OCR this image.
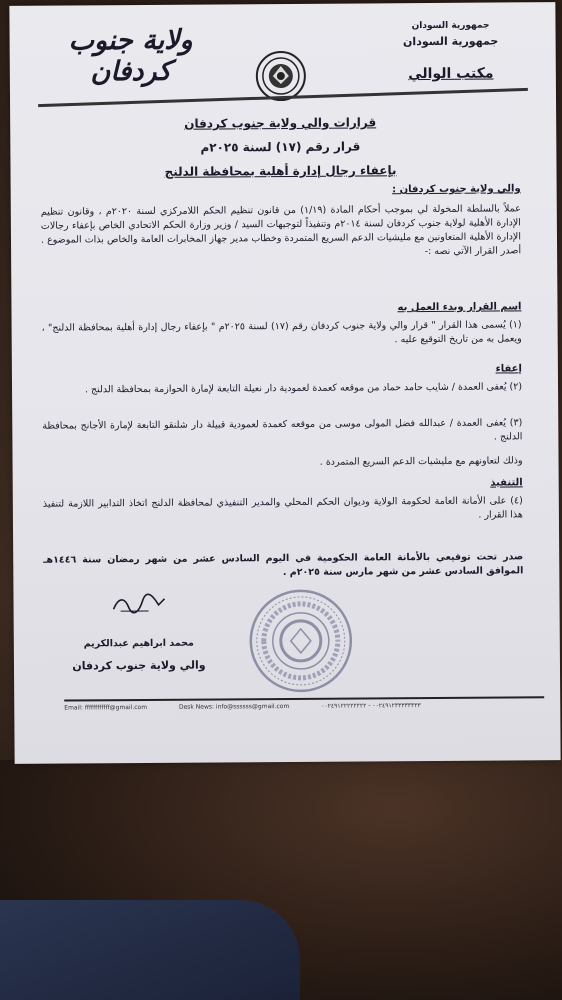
جمهورية السودان
جمهورية السودان
مكتب الوالي
ولاية جنوب كردفان
قرارات والي ولاية جنوب كردفان
قرار رقم (١٧) لسنة ٢٠٢٥م
بإعفاء رجال إدارة أهلية بمحافظة الدلنج
والي ولاية جنوب كردفان :
عملاً بالسلطة المخولة لي بموجب أحكام المادة (١/١٩) من قانون تنظيم الحكم اللامركزي لسنة ٢٠٢٠م ، وقانون تنظيم الإدارة الأهلية لولاية جنوب كردفان لسنة ٢٠١٤م وتنفيذاً لتوجيهات السيد / وزير وزارة الحكم الاتحادي الخاص بإعفاء رجالات الإدارة الأهلية المتعاونين مع مليشيات الدعم السريع المتمردة وخطاب مدير جهاز المخابرات العامة والخاص بذات الموضوع . أصدر القرار الآتي نصه :-
اسم القرار وبدء العمل به
(١) يُسمى هذا القرار " قرار والي ولاية جنوب كردفان رقم (١٧) لسنة ٢٠٢٥م " بإعفاء رجال إدارة أهلية بمحافظة الدلنج" ، ويعمل به من تاريخ التوقيع عليه .
إعفاء
(٢) يُعفى العمدة / شايب حامد حماد من موقعه كعمدة لعمودية دار نعيلة التابعة لإمارة الحوازمة بمحافظة الدلنج .
(٣) يُعفى العمدة / عبدالله فضل المولى موسى من موقعه كعمدة لعمودية قبيلة دار شلنقو التابعة لإمارة الأجانج بمحافظة الدلنج .
وذلك لتعاونهم مع مليشيات الدعم السريع المتمردة .
التنفيذ
(٤) على الأمانة العامة لحكومة الولاية وديوان الحكم المحلي والمدير التنفيذي لمحافظة الدلنج اتخاذ التدابير اللازمة لتنفيذ هذا القرار .
صدر تحت توقيعي بالأمانة العامة الحكومية في اليوم السادس عشر من شهر رمضان سنة ١٤٤٦هـ الموافق السادس عشر من شهر مارس سنة ٢٠٢٥م .
محمد ابراهيم عبدالكريم
والي ولاية جنوب كردفان
Email: ffffffffffff@gmail.com	Desk News: info@ssssss@gmail.com	٠٠٢٤٩١٢٣٣٣٣٣٣٣٣ - ٠٠٢٤٩١٢٢٢٢٢٢٢٢
